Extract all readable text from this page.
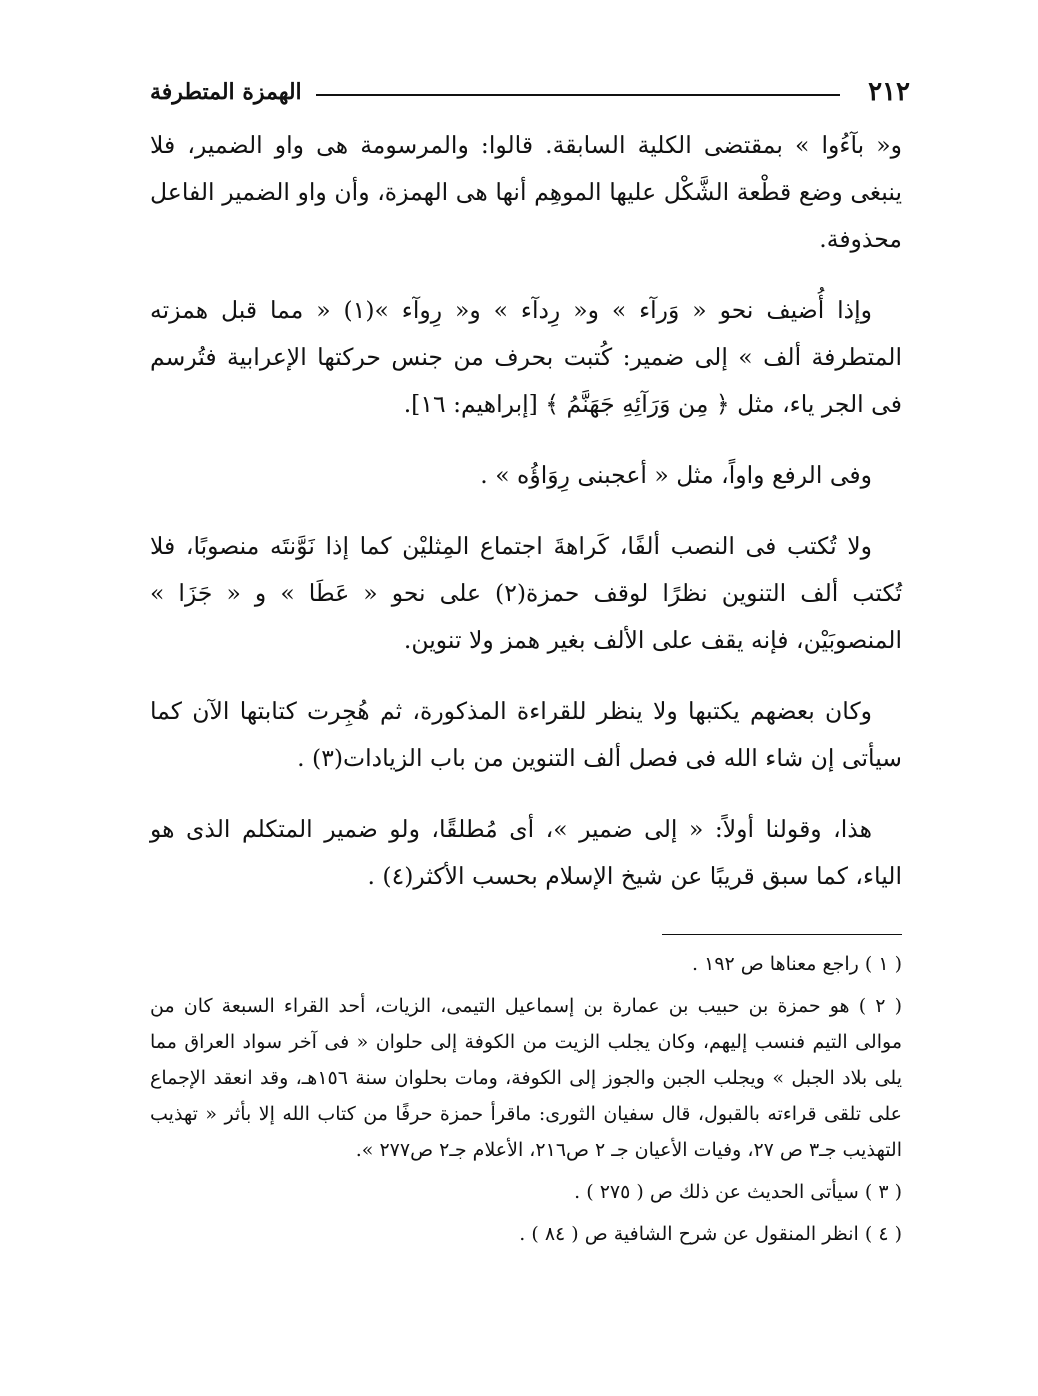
٢١٢
الهمزة المتطرفة

و« بآءُوا » بمقتضى الكلية السابقة. قالوا: والمرسومة هى واو الضمير، فلا ينبغى وضع قطْعة الشَّكْل عليها الموهِم أنها هى الهمزة، وأن واو الضمير الفاعل محذوفة.

وإذا أُضيف نحو « وَرآء » و« رِدآء » و« رِوآء »(١) « مما قبل همزته المتطرفة ألف » إلى ضمير: كُتبت بحرف من جنس حركتها الإعرابية فتُرسم فى الجر ياء، مثل ﴿ مِن وَرَآئِهِ جَهَنَّمُ ﴾ [إبراهيم: ١٦].

وفى الرفع واواً، مثل « أعجبنى رِوَاؤُه » .

ولا تُكتب فى النصب ألفًا، كَراهةَ اجتماع المِثليْن كما إذا نَوَّنتَه منصوبًا، فلا تُكتب ألف التنوين نظرًا لوقف حمزة(٢) على نحو « عَطَا » و « جَزَا » المنصوبَيْن، فإنه يقف على الألف بغير همز ولا تنوين.

وكان بعضهم يكتبها ولا ينظر للقراءة المذكورة، ثم هُجِرت كتابتها الآن كما سيأتى إن شاء الله فى فصل ألف التنوين من باب الزيادات(٣) .

هذا، وقولنا أولاً: « إلى ضمير »، أى مُطلقًا، ولو ضمير المتكلم الذى هو الياء، كما سبق قريبًا عن شيخ الإسلام بحسب الأكثر(٤) .

( ١ ) راجع معناها ص ١٩٢ .

( ٢ ) هو حمزة بن حبيب بن عمارة بن إسماعيل التيمى، الزيات، أحد القراء السبعة كان من موالى التيم فنسب إليهم، وكان يجلب الزيت من الكوفة إلى حلوان « فى آخر سواد العراق مما يلى بلاد الجبل » ويجلب الجبن والجوز إلى الكوفة، ومات بحلوان سنة ١٥٦هـ، وقد انعقد الإجماع على تلقى قراءته بالقبول، قال سفيان الثورى: ماقرأ حمزة حرفًا من كتاب الله إلا بأثر « تهذيب التهذيب جـ٣ ص ٢٧، وفيات الأعيان جـ ٢ ص٢١٦، الأعلام جـ٢ ص٢٧٧ ».

( ٣ ) سيأتى الحديث عن ذلك ص ( ٢٧٥ ) .

( ٤ ) انظر المنقول عن شرح الشافية ص ( ٨٤ ) .
